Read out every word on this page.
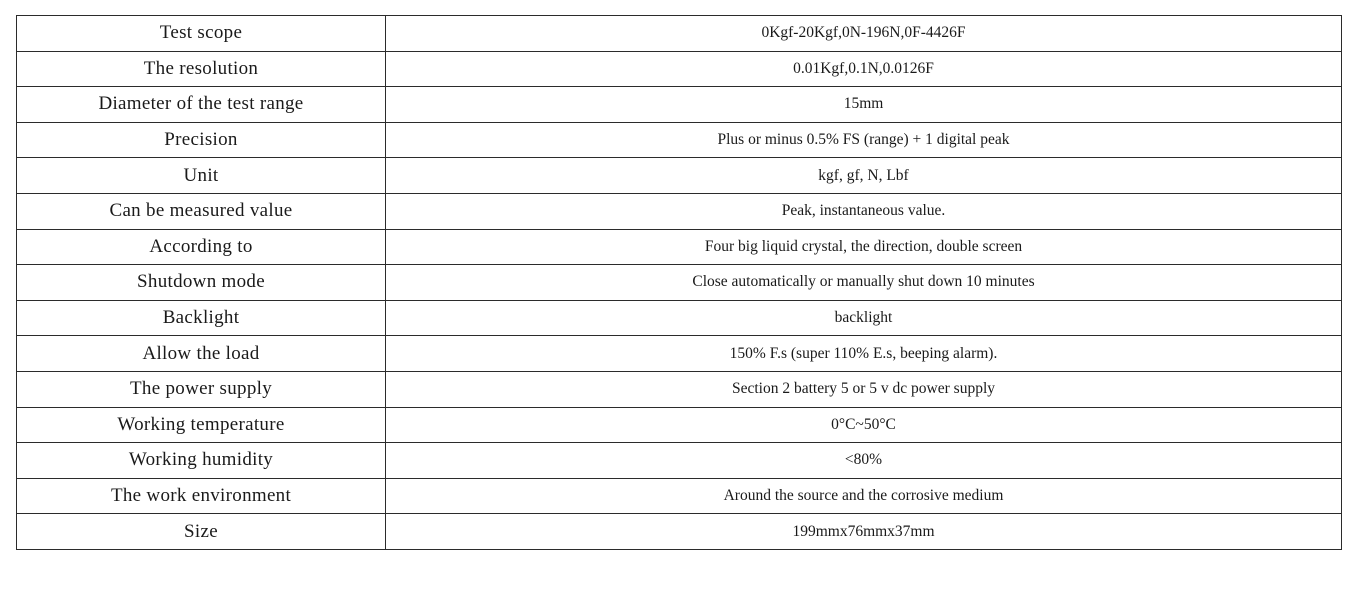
Test scope	0Kgf-20Kgf,0N-196N,0F-4426F
The resolution	0.01Kgf,0.1N,0.0126F
Diameter of the test range	15mm
Precision	Plus or minus 0.5% FS (range) + 1 digital peak
Unit	kgf, gf, N, Lbf
Can be measured value	Peak, instantaneous value.
According to	Four big liquid crystal, the direction, double screen
Shutdown mode	Close automatically or manually shut down 10 minutes
Backlight	backlight
Allow the load	150% F.s (super 110% E.s, beeping alarm).
The power supply	Section 2 battery 5 or 5 v dc power supply
Working temperature	0°C~50°C
Working humidity	<80%
The work environment	Around the source and the corrosive medium
Size	199mmx76mmx37mm
